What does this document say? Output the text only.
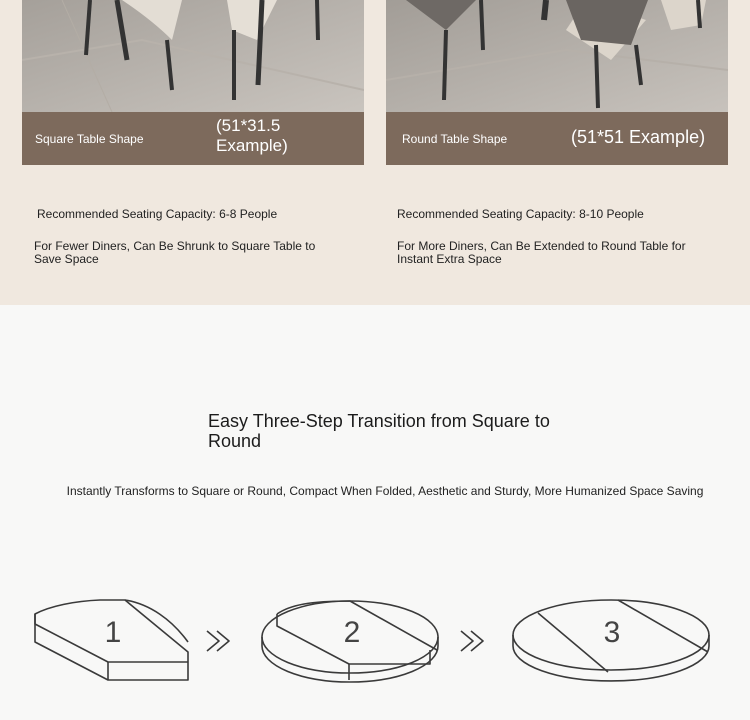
Square Table Shape
(51*31.5 Example)	Round Table Shape	(51*51 Example)
Recommended Seating Capacity: 6-8 People	Recommended Seating Capacity: 8-10 People
For Fewer Diners, Can Be Shrunk to Square Table to Save Space
For More Diners, Can Be Extended to Round Table for Instant Extra Space
Easy Three-Step Transition from Square to Round
Instantly Transforms to Square or Round, Compact When Folded, Aesthetic and Sturdy, More Humanized Space Saving
1	2	3
